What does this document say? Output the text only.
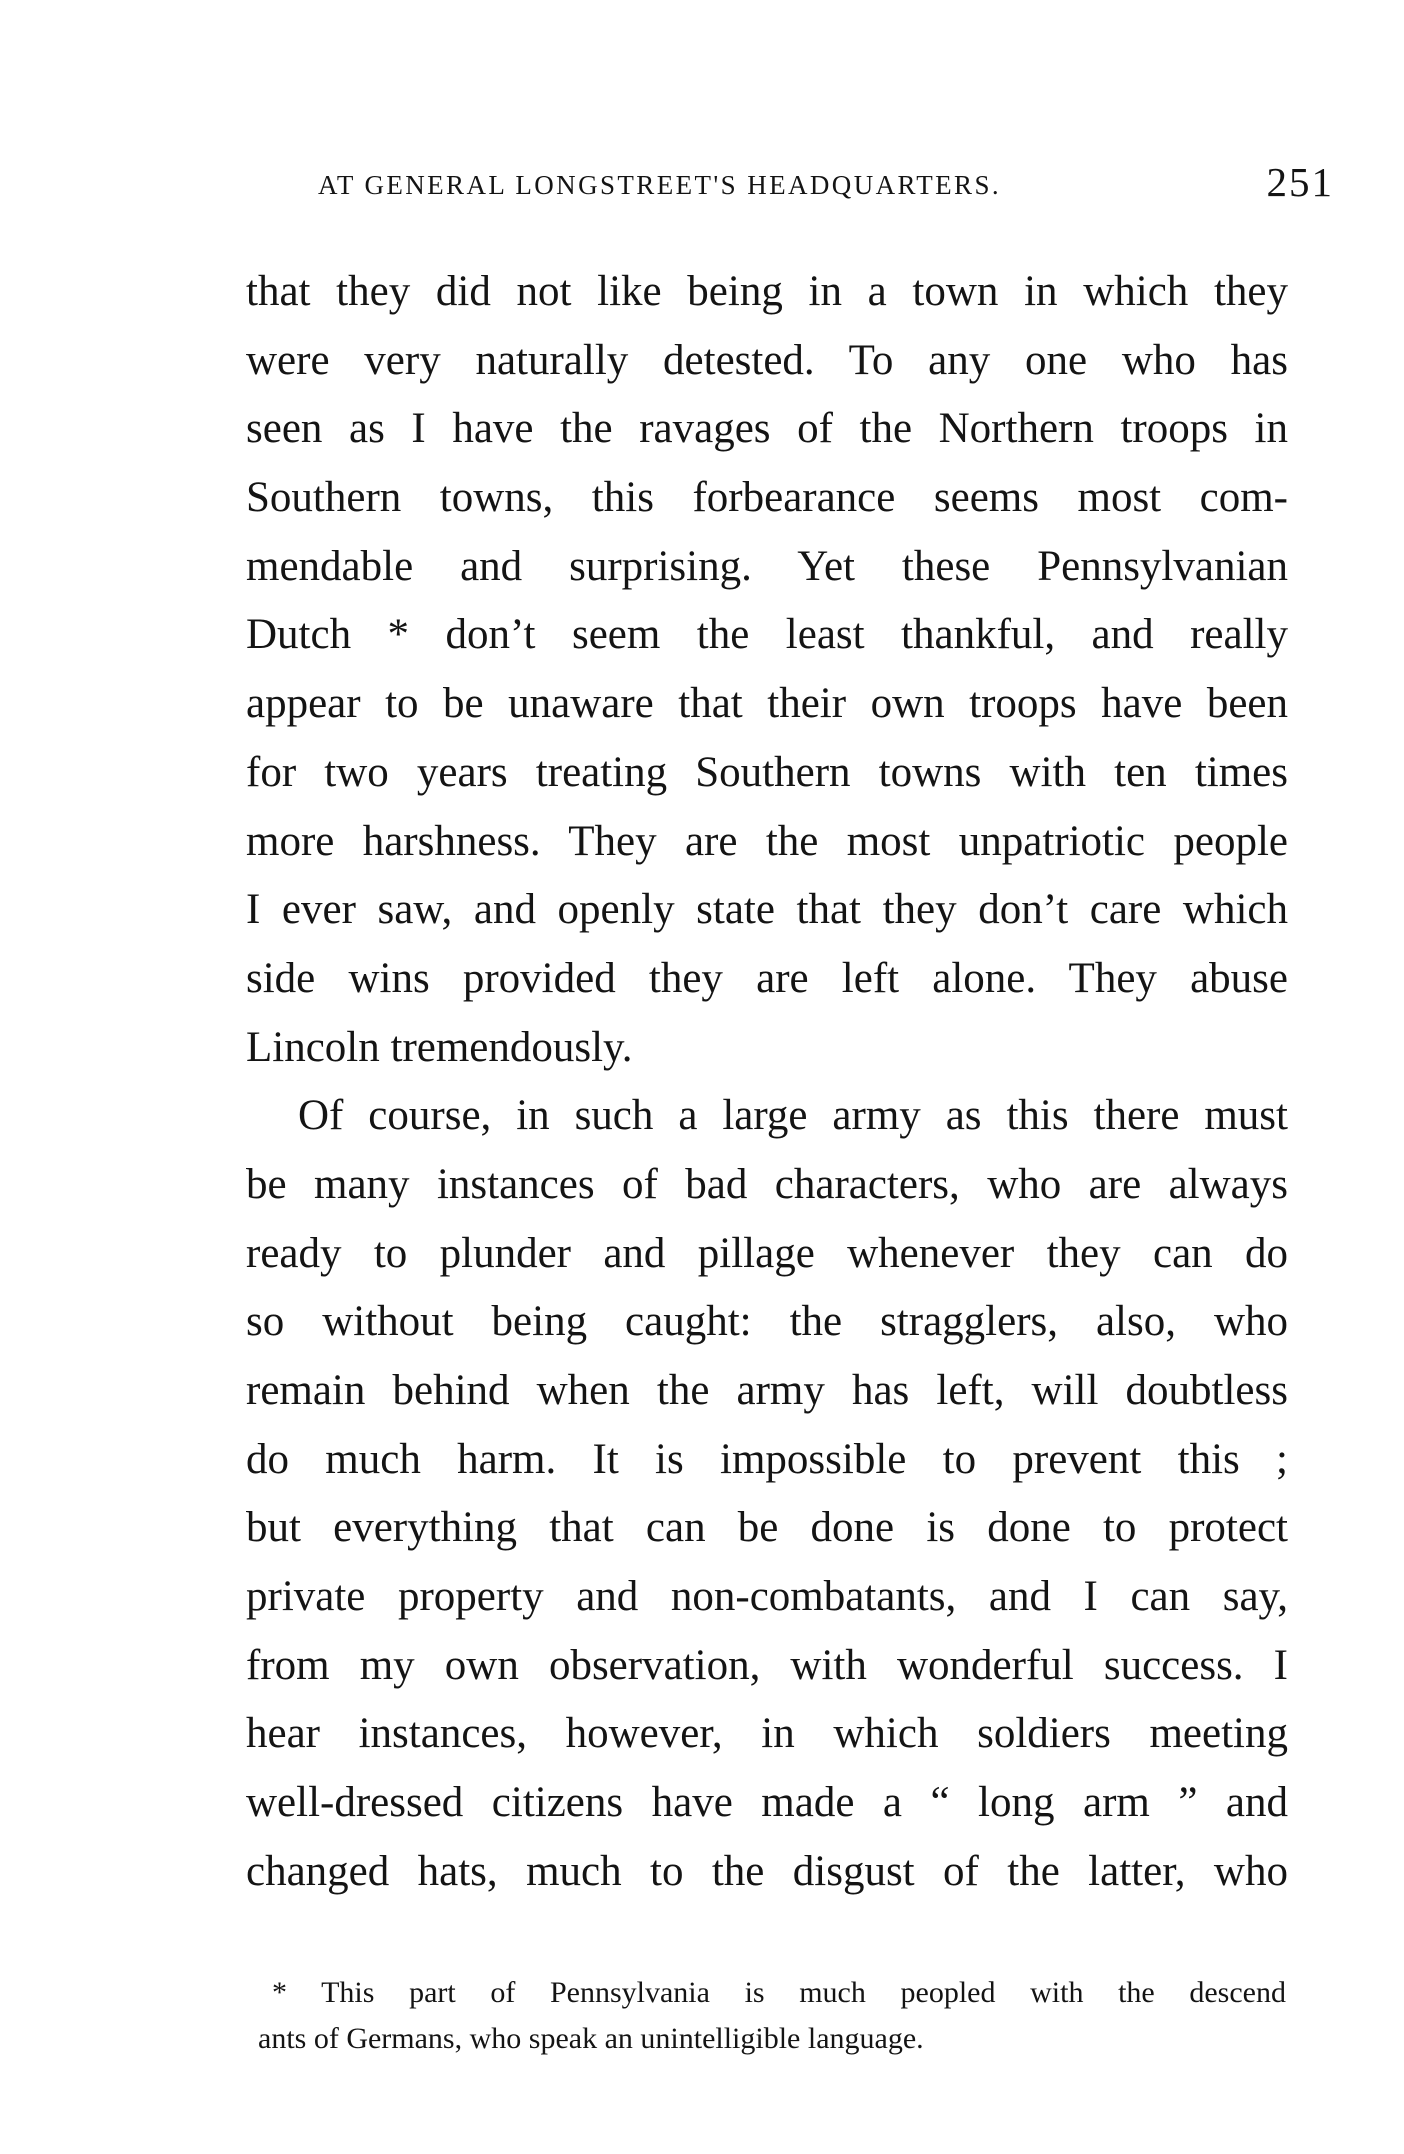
AT GENERAL LONGSTREET'S HEADQUARTERS.	251
that they did not like being in a town in which they
were very naturally detested. To any one who has
seen as I have the ravages of the Northern troops in
Southern towns, this forbearance seems most com-
mendable and surprising. Yet these Pennsylvanian
Dutch * don’t seem the least thankful, and really
appear to be unaware that their own troops have been
for two years treating Southern towns with ten times
more harshness. They are the most unpatriotic people
I ever saw, and openly state that they don’t care which
side wins provided they are left alone. They abuse
Lincoln tremendously.
Of course, in such a large army as this there must
be many instances of bad characters, who are always
ready to plunder and pillage whenever they can do
so without being caught: the stragglers, also, who
remain behind when the army has left, will doubtless
do much harm. It is impossible to prevent this ;
but everything that can be done is done to protect
private property and non-combatants, and I can say,
from my own observation, with wonderful success. I
hear instances, however, in which soldiers meeting
well-dressed citizens have made a “ long arm ” and
changed hats, much to the disgust of the latter, who
* This part of Pennsylvania is much peopled with the descend
ants of Germans, who speak an unintelligible language.
